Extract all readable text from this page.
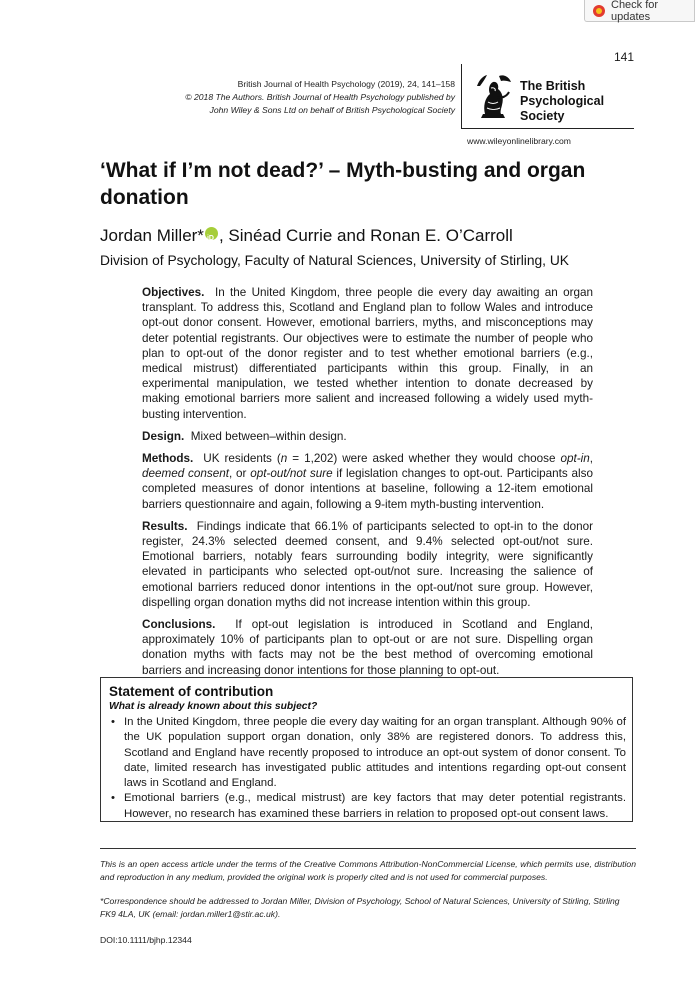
Check for updates
141
British Journal of Health Psychology (2019), 24, 141–158
© 2018 The Authors. British Journal of Health Psychology published by
John Wiley & Sons Ltd on behalf of British Psychological Society
The British
Psychological Society
www.wileyonlinelibrary.com
‘What if I’m not dead?’ – Myth-busting and organ donation
Jordan Miller*iD , Sinéad Currie and Ronan E. O’Carroll
Division of Psychology, Faculty of Natural Sciences, University of Stirling, UK

Objectives. In the United Kingdom, three people die every day awaiting an organ transplant. To address this, Scotland and England plan to follow Wales and introduce opt-out donor consent. However, emotional barriers, myths, and misconceptions may deter potential registrants. Our objectives were to estimate the number of people who plan to opt-out of the donor register and to test whether emotional barriers (e.g., medical mistrust) differentiated participants within this group. Finally, in an experimental manipulation, we tested whether intention to donate decreased by making emotional barriers more salient and increased following a widely used myth-busting intervention.

Design. Mixed between–within design.

Methods. UK residents (n = 1,202) were asked whether they would choose opt-in, deemed consent, or opt-out/not sure if legislation changes to opt-out. Participants also completed measures of donor intentions at baseline, following a 12-item emotional barriers questionnaire and again, following a 9-item myth-busting intervention.

Results. Findings indicate that 66.1% of participants selected to opt-in to the donor register, 24.3% selected deemed consent, and 9.4% selected opt-out/not sure. Emotional barriers, notably fears surrounding bodily integrity, were significantly elevated in participants who selected opt-out/not sure. Increasing the salience of emotional barriers reduced donor intentions in the opt-out/not sure group. However, dispelling organ donation myths did not increase intention within this group.

Conclusions. If opt-out legislation is introduced in Scotland and England, approximately 10% of participants plan to opt-out or are not sure. Dispelling organ donation myths with facts may not be the best method of overcoming emotional barriers and increasing donor intentions for those planning to opt-out.

Statement of contribution
What is already known about this subject?
• In the United Kingdom, three people die every day waiting for an organ transplant. Although 90% of the UK population support organ donation, only 38% are registered donors. To address this, Scotland and England have recently proposed to introduce an opt-out system of donor consent. To date, limited research has investigated public attitudes and intentions regarding opt-out consent laws in Scotland and England.
• Emotional barriers (e.g., medical mistrust) are key factors that may deter potential registrants. However, no research has examined these barriers in relation to proposed opt-out consent laws.
This is an open access article under the terms of the Creative Commons Attribution-NonCommercial License, which permits use, distribution and reproduction in any medium, provided the original work is properly cited and is not used for commercial purposes.
*Correspondence should be addressed to Jordan Miller, Division of Psychology, School of Natural Sciences, University of Stirling, Stirling FK9 4LA, UK (email: jordan.miller1@stir.ac.uk).
DOI:10.1111/bjhp.12344
